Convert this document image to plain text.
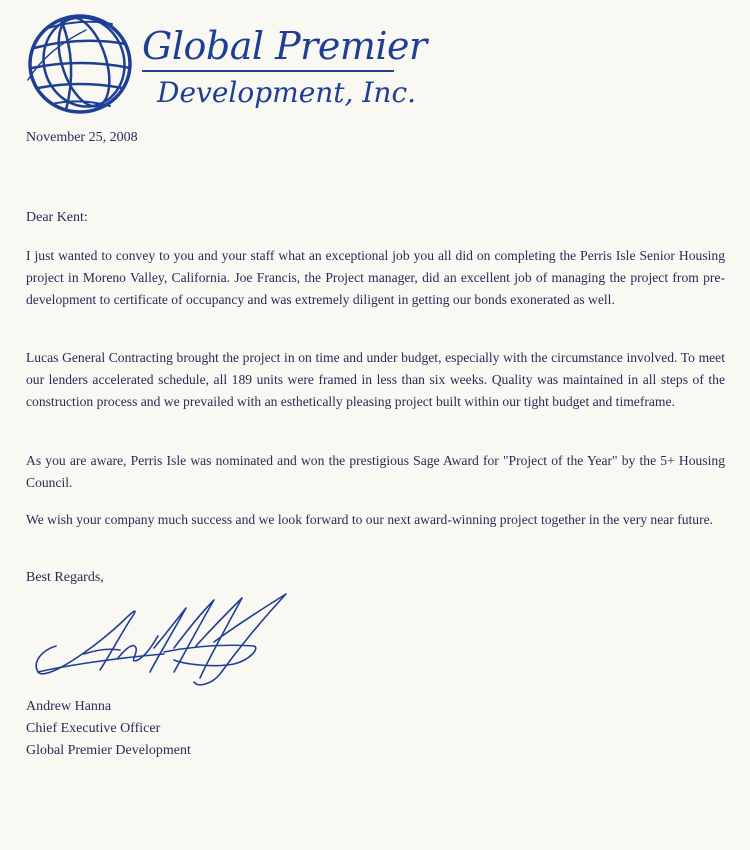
Global Premier
Development, Inc.
November 25, 2008
Dear Kent:

I just wanted to convey to you and your staff what an exceptional job you all did on completing the Perris Isle Senior Housing project in Moreno Valley, California. Joe Francis, the Project manager, did an excellent job of managing the project from pre-development to certificate of occupancy and was extremely diligent in getting our bonds exonerated as well.

Lucas General Contracting brought the project in on time and under budget, especially with the circumstance involved. To meet our lenders accelerated schedule, all 189 units were framed in less than six weeks. Quality was maintained in all steps of the construction process and we prevailed with an esthetically pleasing project built within our tight budget and timeframe.

As you are aware, Perris Isle was nominated and won the prestigious Sage Award for "Project of the Year" by the 5+ Housing Council.

We wish your company much success and we look forward to our next award-winning project together in the very near future.

Best Regards,
Andrew Hanna
Chief Executive Officer
Global Premier Development
